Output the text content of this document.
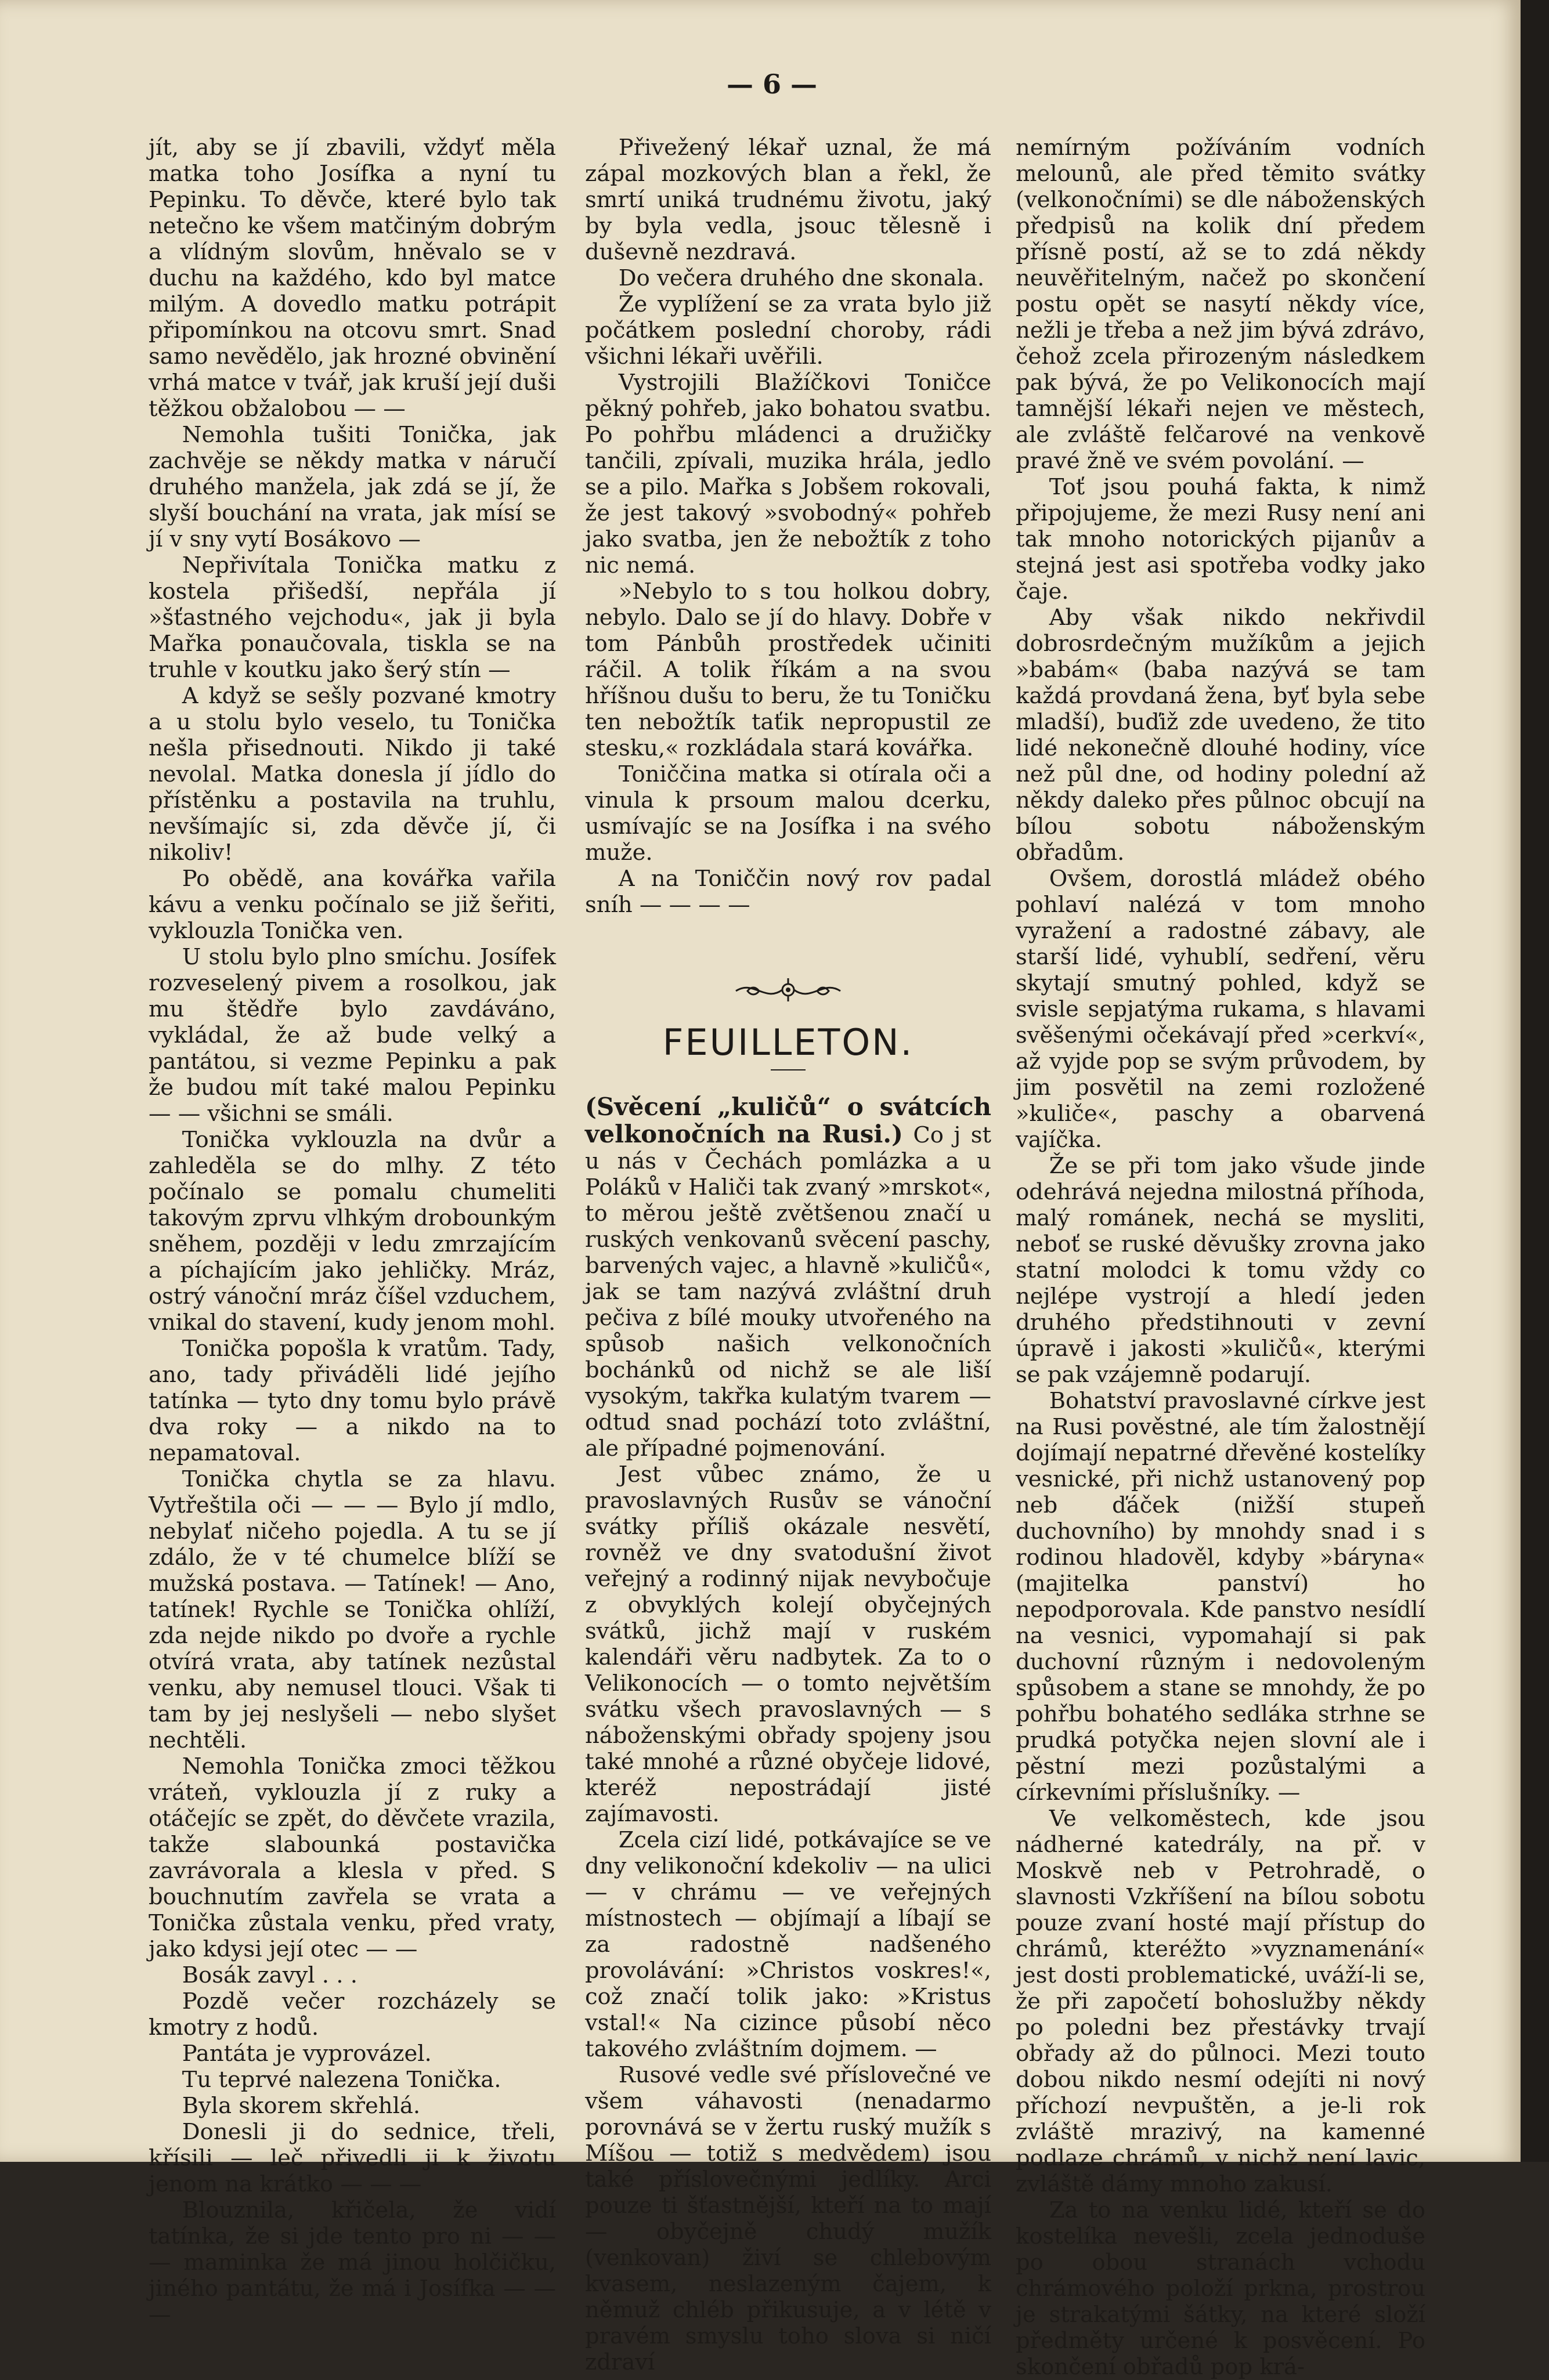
— 6 —

jít, aby se jí zbavili, vždyť měla matka toho Josífka a nyní tu Pepinku. To děvče, které bylo tak netečno ke všem matčiným dobrým a vlídným slovům, hněvalo se v duchu na každého, kdo byl matce milým. A dovedlo matku potrápit připomínkou na otcovu smrt. Snad samo nevědělo, jak hrozné obvinění vrhá matce v tvář, jak kruší její duši těžkou obžalobou — —

Nemohla tušiti Tonička, jak zachvěje se někdy matka v náručí druhého manžela, jak zdá se jí, že slyší bouchání na vrata, jak mísí se jí v sny vytí Bosákovo —

Nepřivítala Tonička matku z kostela přišedší, nepřála jí »šťastného vejchodu«, jak ji byla Mařka ponaučovala, tiskla se na truhle v koutku jako šerý stín —

A když se sešly pozvané kmotry a u stolu bylo veselo, tu Tonička nešla přisednouti. Nikdo ji také nevolal. Matka donesla jí jídlo do přístěnku a postavila na truhlu, nevšímajíc si, zda děvče jí, či nikoliv!

Po obědě, ana kovářka vařila kávu a venku počínalo se již šeřiti, vyklouzla Tonička ven.

U stolu bylo plno smíchu. Josífek rozveselený pivem a rosolkou, jak mu štědře bylo zavdáváno, vykládal, že až bude velký a pantátou, si vezme Pepinku a pak že budou mít také malou Pepinku — — všichni se smáli.

Tonička vyklouzla na dvůr a zahleděla se do mlhy. Z této počínalo se pomalu chumeliti takovým zprvu vlhkým drobounkým sněhem, později v ledu zmrzajícím a píchajícím jako jehličky. Mráz, ostrý vánoční mráz číšel vzduchem, vnikal do stavení, kudy jenom mohl.

Tonička popošla k vratům. Tady, ano, tady přiváděli lidé jejího tatínka — tyto dny tomu bylo právě dva roky — a nikdo na to nepamatoval.

Tonička chytla se za hlavu. Vytřeštila oči — — — Bylo jí mdlo, nebylať ničeho pojedla. A tu se jí zdálo, že v té chumelce blíží se mužská postava. — Tatínek! — Ano, tatínek! Rychle se Tonička ohlíží, zda nejde nikdo po dvoře a rychle otvírá vrata, aby tatínek nezůstal venku, aby nemusel tlouci. Však ti tam by jej neslyšeli — nebo slyšet nechtěli.

Nemohla Tonička zmoci těžkou vráteň, vyklouzla jí z ruky a otáčejíc se zpět, do děvčete vrazila, takže slabounká postavička zavrávorala a klesla v před. S bouchnutím zavřela se vrata a Tonička zůstala venku, před vraty, jako kdysi její otec — —

Bosák zavyl . . .

Pozdě večer rozcházely se kmotry z hodů.

Pantáta je vyprovázel.

Tu teprvé nalezena Tonička.

Byla skorem skřehlá.

Donesli ji do sednice, třeli, křísili — leč přivedli ji k životu jenom na krátko — — —

Blouznila, křičela, že vidí tatínka, že si jde tento pro ni — — — maminka že má jinou holčičku, jiného pantátu, že má i Josífka — — —

Přivežený lékař uznal, že má zápal mozkových blan a řekl, že smrtí uniká trudnému životu, jaký by byla vedla, jsouc tělesně i duševně nezdravá.

Do večera druhého dne skonala.

Že vyplížení se za vrata bylo již počátkem poslední choroby, rádi všichni lékaři uvěřili.

Vystrojili Blažíčkovi Toničce pěkný pohřeb, jako bohatou svatbu. Po pohřbu mládenci a družičky tančili, zpívali, muzika hrála, jedlo se a pilo. Mařka s Jobšem rokovali, že jest takový »svobodný« pohřeb jako svatba, jen že nebožtík z toho nic nemá.

»Nebylo to s tou holkou dobry, nebylo. Dalo se jí do hlavy. Dobře v tom Pánbůh prostředek učiniti ráčil. A tolik říkám a na svou hříšnou dušu to beru, že tu Toničku ten nebožtík taťik nepropustil ze stesku,« rozkládala stará kovářka.

Toniččina matka si otírala oči a vinula k prsoum malou dcerku, usmívajíc se na Josífka i na svého muže.

A na Toniččin nový rov padal sníh — — — —

FEUILLETON.

(Svěcení „kuličů“ o svátcích velkonočních na Rusi.) Co j st u nás v Čechách pomlázka a u Poláků v Haliči tak zvaný »mrskot«, to měrou ještě zvětšenou značí u ruských venkovanů svěcení paschy, barvených vajec, a hlavně »kuličů«, jak se tam nazývá zvláštní druh pečiva z bílé mouky utvořeného na spůsob našich velkonočních bochánků od nichž se ale liší vysokým, takřka kulatým tvarem — odtud snad pochází toto zvláštní, ale případné pojmenování.

Jest vůbec známo, že u pravoslavných Rusův se vánoční svátky příliš okázale nesvětí, rovněž ve dny svatodušní život veřejný a rodinný nijak nevybočuje z obvyklých kolejí obyčejných svátků, jichž mají v ruském kalendáři věru nadbytek. Za to o Velikonocích — o tomto největším svátku všech pravoslavných — s náboženskými obřady spojeny jsou také mnohé a různé obyčeje lidové, kteréž nepostrádají jisté zajímavosti.

Zcela cizí lidé, potkávajíce se ve dny velikonoční kdekoliv — na ulici — v chrámu — ve veřejných místnostech — objímají a líbají se za radostně nadšeného provolávání: »Christos voskres!«, což značí tolik jako: »Kristus vstal!« Na cizince působí něco takového zvláštním dojmem. —

Rusové vedle své příslovečné ve všem váhavosti (nenadarmo porovnává se v žertu ruský mužík s Míšou — totiž s medvědem) jsou také příslovečnými jedlíky. Arci pouze ti šťastnější, kteří na to mají — obyčejně chudý mužík (venkovan) živí se chlebovým kvasem, neslazeným čajem, k němuž chléb přikusuje, a v létě v pravém smyslu toho slova si ničí zdraví

nemírným požíváním vodních melounů, ale před těmito svátky (velkonočními) se dle náboženských předpisů na kolik dní předem přísně postí, až se to zdá někdy neuvěřitelným, načež po skončení postu opět se nasytí někdy více, nežli je třeba a než jim bývá zdrávo, čehož zcela přirozeným následkem pak bývá, že po Velikonocích mají tamnější lékaři nejen ve městech, ale zvláště felčarové na venkově pravé žně ve svém povolání. —

Toť jsou pouhá fakta, k nimž připojujeme, že mezi Rusy není ani tak mnoho notorických pijanův a stejná jest asi spotřeba vodky jako čaje.

Aby však nikdo nekřivdil dobrosrdečným mužíkům a jejich »babám« (baba nazývá se tam každá provdaná žena, byť byla sebe mladší), buďiž zde uvedeno, že tito lidé nekonečně dlouhé hodiny, více než půl dne, od hodiny polední až někdy daleko přes půlnoc obcují na bílou sobotu náboženským obřadům.

Ovšem, dorostlá mládež obého pohlaví nalézá v tom mnoho vyražení a radostné zábavy, ale starší lidé, vyhublí, sedření, věru skytají smutný pohled, když se svisle sepjatýma rukama, s hlavami svěšenými očekávají před »cerkví«, až vyjde pop se svým průvodem, by jim posvětil na zemi rozložené »kuliče«, paschy a obarvená vajíčka.

Že se při tom jako všude jinde odehrává nejedna milostná příhoda, malý románek, nechá se mysliti, neboť se ruské děvušky zrovna jako statní molodci k tomu vždy co nejlépe vystrojí a hledí jeden druhého předstihnouti v zevní úpravě i jakosti »kuličů«, kterými se pak vzájemně podarují.

Bohatství pravoslavné církve jest na Rusi pověstné, ale tím žalostnějí dojímají nepatrné dřevěné kostelíky vesnické, při nichž ustanovený pop neb ďáček (nižší stupeň duchovního) by mnohdy snad i s rodinou hladověl, kdyby »báryna« (majitelka panství) ho nepodporovala. Kde panstvo nesídlí na vesnici, vypomahají si pak duchovní různým i nedovoleným spůsobem a stane se mnohdy, že po pohřbu bohatého sedláka strhne se prudká potyčka nejen slovní ale i pěstní mezi pozůstalými a církevními příslušníky. —

Ve velkoměstech, kde jsou nádherné katedrály, na př. v Moskvě neb v Petrohradě, o slavnosti Vzkříšení na bílou sobotu pouze zvaní hosté mají přístup do chrámů, kteréžto »vyznamenání« jest dosti problematické, uváží-li se, že při započetí bohoslužby někdy po poledni bez přestávky trvají obřady až do půlnoci. Mezi touto dobou nikdo nesmí odejíti ni nový příchozí nevpuštěn, a je-li rok zvláště mrazivý, na kamenné podlaze chrámů, v nichž není lavic, zvláště dámy mnoho zakusí.

Za to na venku lidé, kteří se do kostelíka nevešli, zcela jednoduše po obou stranách vchodu chrámového položí prkna, prostrou je strakatými šátky, na které složí předměty určené k posvěcení. Po skončení obřadů pop krá-
